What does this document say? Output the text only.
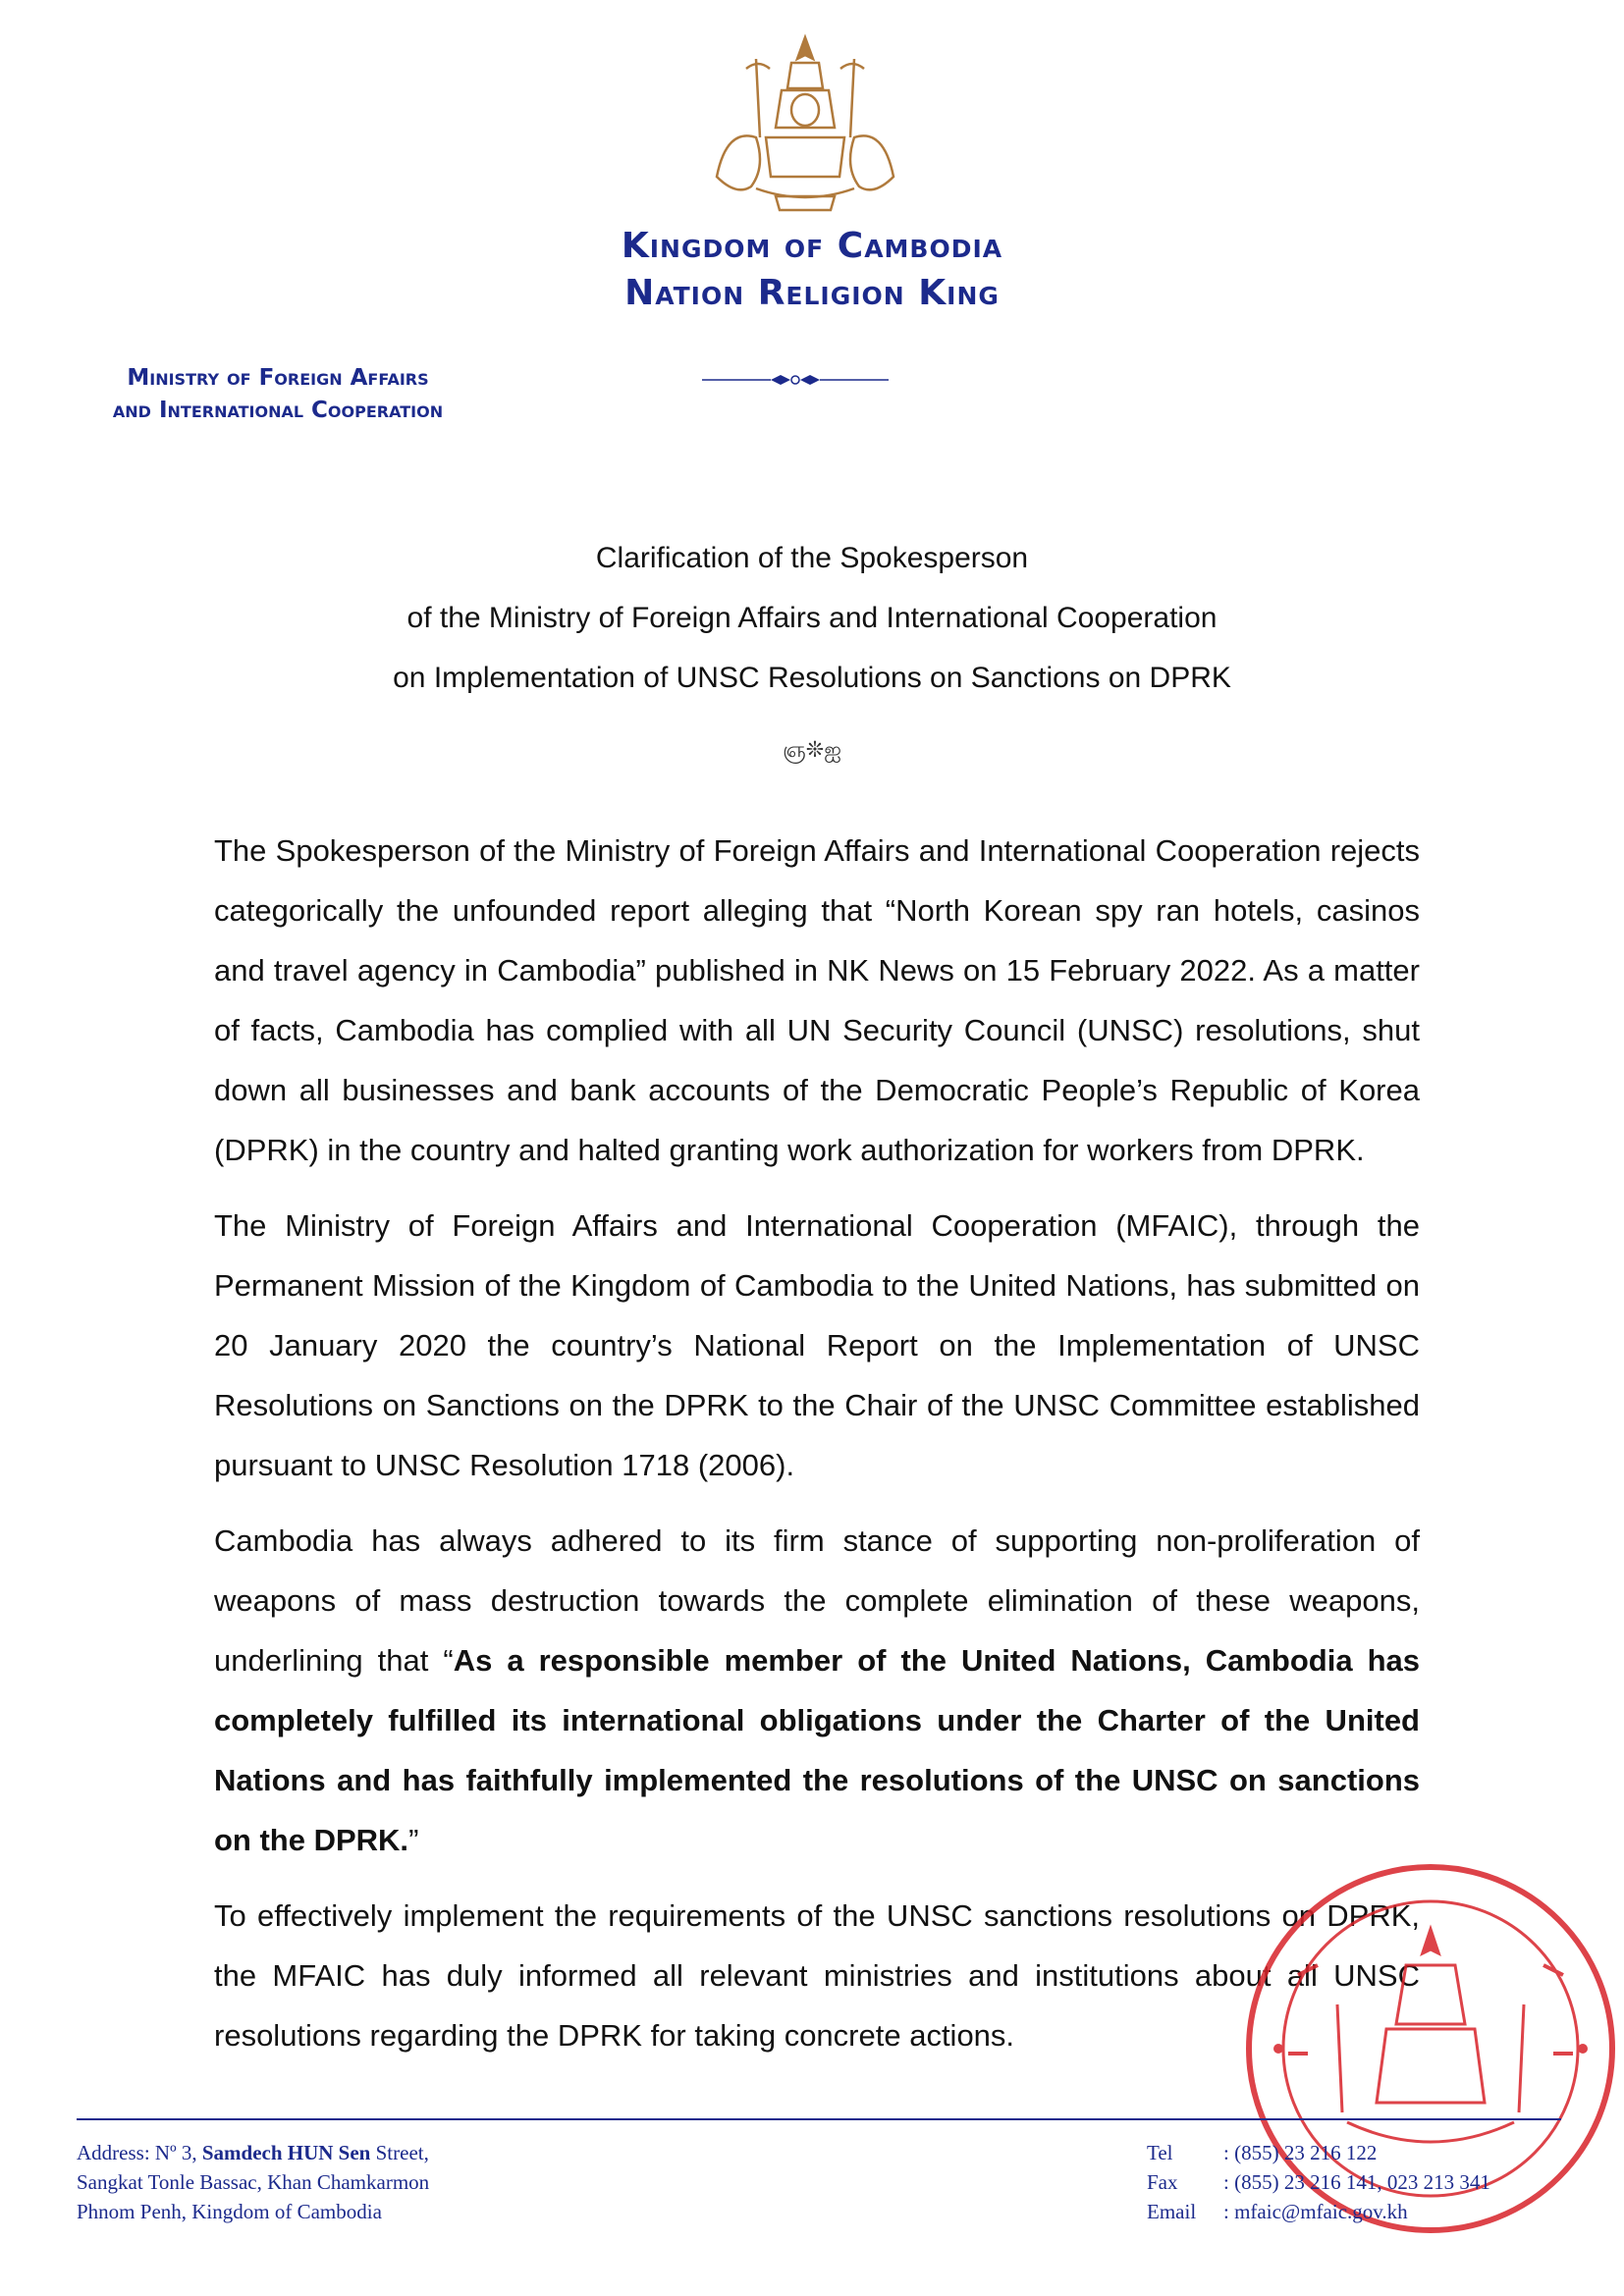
Kingdom of Cambodia
Nation Religion King
Ministry of Foreign Affairs
and International Cooperation
Clarification of the Spokesperson
of the Ministry of Foreign Affairs and International Cooperation
on Implementation of UNSC Resolutions on Sanctions on DPRK
ஞ❊ஐ

The Spokesperson of the Ministry of Foreign Affairs and International Cooperation rejects categorically the unfounded report alleging that “North Korean spy ran hotels, casinos and travel agency in Cambodia” published in NK News on 15 February 2022. As a matter of facts, Cambodia has complied with all UN Security Council (UNSC) resolutions, shut down all businesses and bank accounts of the Democratic People’s Republic of Korea (DPRK) in the country and halted granting work authorization for workers from DPRK.

The Ministry of Foreign Affairs and International Cooperation (MFAIC), through the Permanent Mission of the Kingdom of Cambodia to the United Nations, has submitted on 20 January 2020 the country’s National Report on the Implementation of UNSC Resolutions on Sanctions on the DPRK to the Chair of the UNSC Committee established pursuant to UNSC Resolution 1718 (2006).

Cambodia has always adhered to its firm stance of supporting non-proliferation of weapons of mass destruction towards the complete elimination of these weapons, underlining that “As a responsible member of the United Nations, Cambodia has completely fulfilled its international obligations under the Charter of the United Nations and has faithfully implemented the resolutions of the UNSC on sanctions on the DPRK.”

To effectively implement the requirements of the UNSC sanctions resolutions on DPRK, the MFAIC has duly informed all relevant ministries and institutions about all UNSC resolutions regarding the DPRK for taking concrete actions.

Address: Nº 3, Samdech HUN Sen Street,
Sangkat Tonle Bassac, Khan Chamkarmon
Phnom Penh, Kingdom of Cambodia
Tel : (855) 23 216 122
Fax : (855) 23 216 141, 023 213 341
Email : mfaic@mfaic.gov.kh
